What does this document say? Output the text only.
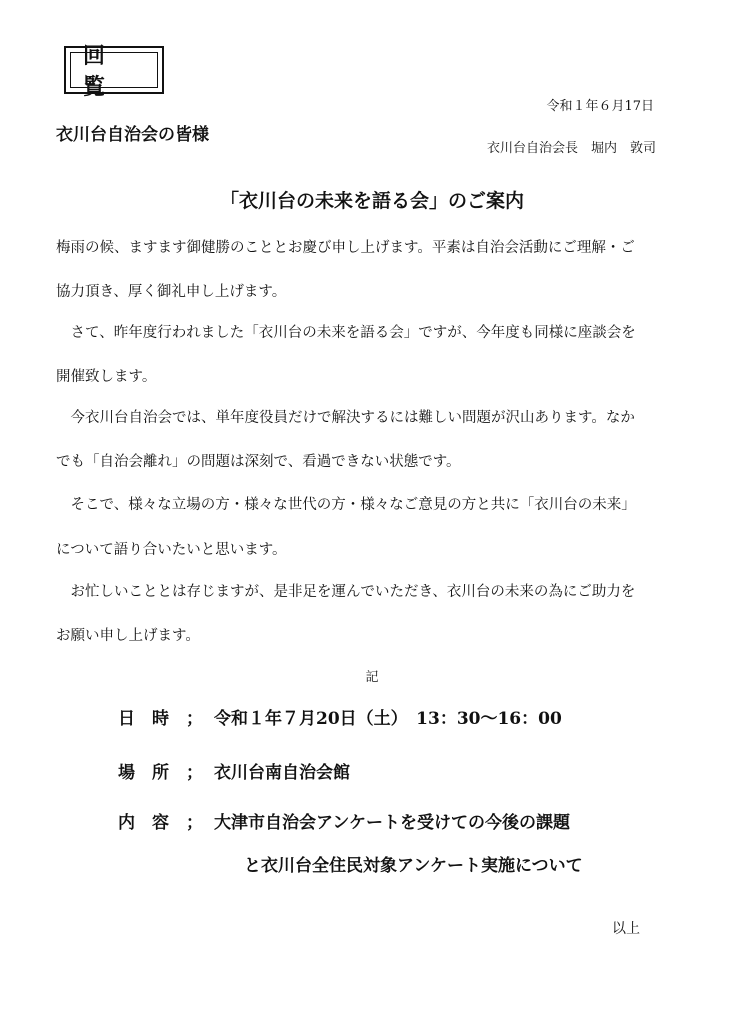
回 覧
令和１年６月17日
衣川台自治会の皆様
衣川台自治会長　堀内　敦司
「衣川台の未来を語る会」のご案内
梅雨の候、ますます御健勝のこととお慶び申し上げます。平素は自治会活動にご理解・ご
協力頂き、厚く御礼申し上げます。
　さて、昨年度行われました「衣川台の未来を語る会」ですが、今年度も同様に座談会を
開催致します。
　今衣川台自治会では、単年度役員だけで解決するには難しい問題が沢山あります。なか
でも「自治会離れ」の問題は深刻で、看過できない状態です。
　そこで、様々な立場の方・様々な世代の方・様々なご意見の方と共に「衣川台の未来」
について語り合いたいと思います。
　お忙しいこととは存じますが、是非足を運んでいただき、衣川台の未来の為にご助力を
お願い申し上げます。
記
日　時　； 令和１年７月20日（土）　13：30～16：00
場　所　； 衣川台南自治会館
内　容　； 大津市自治会アンケートを受けての今後の課題
と衣川台全住民対象アンケート実施について
以上
